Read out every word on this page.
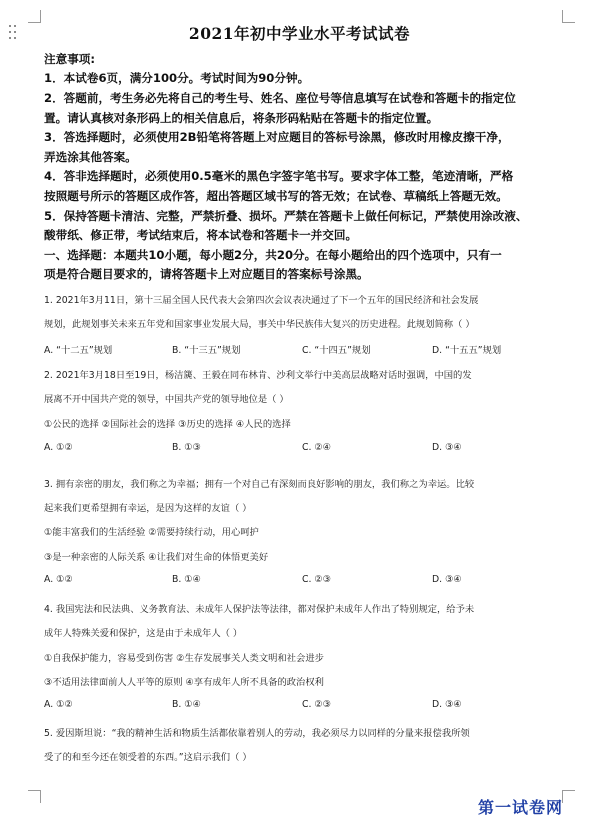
2021年初中学业水平考试试卷
注意事项:
1．本试卷6页，满分100分。考试时间为90分钟。
2．答题前，考生务必先将自己的考生号、姓名、座位号等信息填写在试卷和答题卡的指定位
置。请认真核对条形码上的相关信息后，将条形码粘贴在答题卡的指定位置。
3．答选择题时，必须使用2B铅笔将答题上对应题目的答标号涂黑，修改时用橡皮擦干净，
弄选涂其他答案。
4．答非选择题时，必须使用0.5毫米的黑色字签字笔书写。要求字体工整，笔迹清晰，严格
按照题号所示的答题区成作答，超出答题区域书写的答无效；在试卷、草稿纸上答题无效。
5．保持答题卡清洁、完整，严禁折叠、损坏。严禁在答题卡上做任何标记，严禁使用涂改液、
酸带纸、修正带，考试结束后，将本试卷和答题卡一并交回。
一、选择题：本题共10小题，每小题2分，共20分。在每小题给出的四个选项中，只有一
项是符合题目要求的，请将答题卡上对应题目的答案标号涂黑。
1. 2021年3月11日，第十三届全国人民代表大会第四次会议表决通过了下一个五年的国民经济和社会发展
规划，此规划事关未来五年党和国家事业发展大局，事关中华民族伟大复兴的历史进程。此规划简称（ ）
A. “十二五”规划	B. “十三五”规划	C. “十四五”规划	D. “十五五”规划
2. 2021年3月18日至19日，杨洁篪、王毅在同布林肯、沙利文举行中美高层战略对话时强调，中国的发
展离不开中国共产党的领导，中国共产党的领导地位是（ ）
①公民的选择 ②国际社会的选择 ③历史的选择 ④人民的选择
A. ①②	B. ①③	C. ②④	D. ③④
3. 拥有亲密的朋友，我们称之为幸福；拥有一个对自己有深刻而良好影响的朋友，我们称之为幸运。比较
起来我们更希望拥有幸运，是因为这样的友谊（ ）
①能丰富我们的生活经验 ②需要持续行动，用心呵护
③是一种亲密的人际关系 ④让我们对生命的体悟更美好
A. ①②	B. ①④	C. ②③	D. ③④
4. 我国宪法和民法典、义务教育法、未成年人保护法等法律，都对保护未成年人作出了特别规定，给予未
成年人特殊关爱和保护，这是由于未成年人（ ）
①自我保护能力，容易受到伤害 ②生存发展事关人类文明和社会进步
③不适用法律面前人人平等的原则 ④享有成年人所不具备的政治权利
A. ①②	B. ①④	C. ②③	D. ③④
5. 爱因斯坦说：“我的精神生活和物质生活都依靠着别人的劳动，我必须尽力以同样的分量来报偿我所领
受了的和至今还在领受着的东西。”这启示我们（ ）
第一试卷网
